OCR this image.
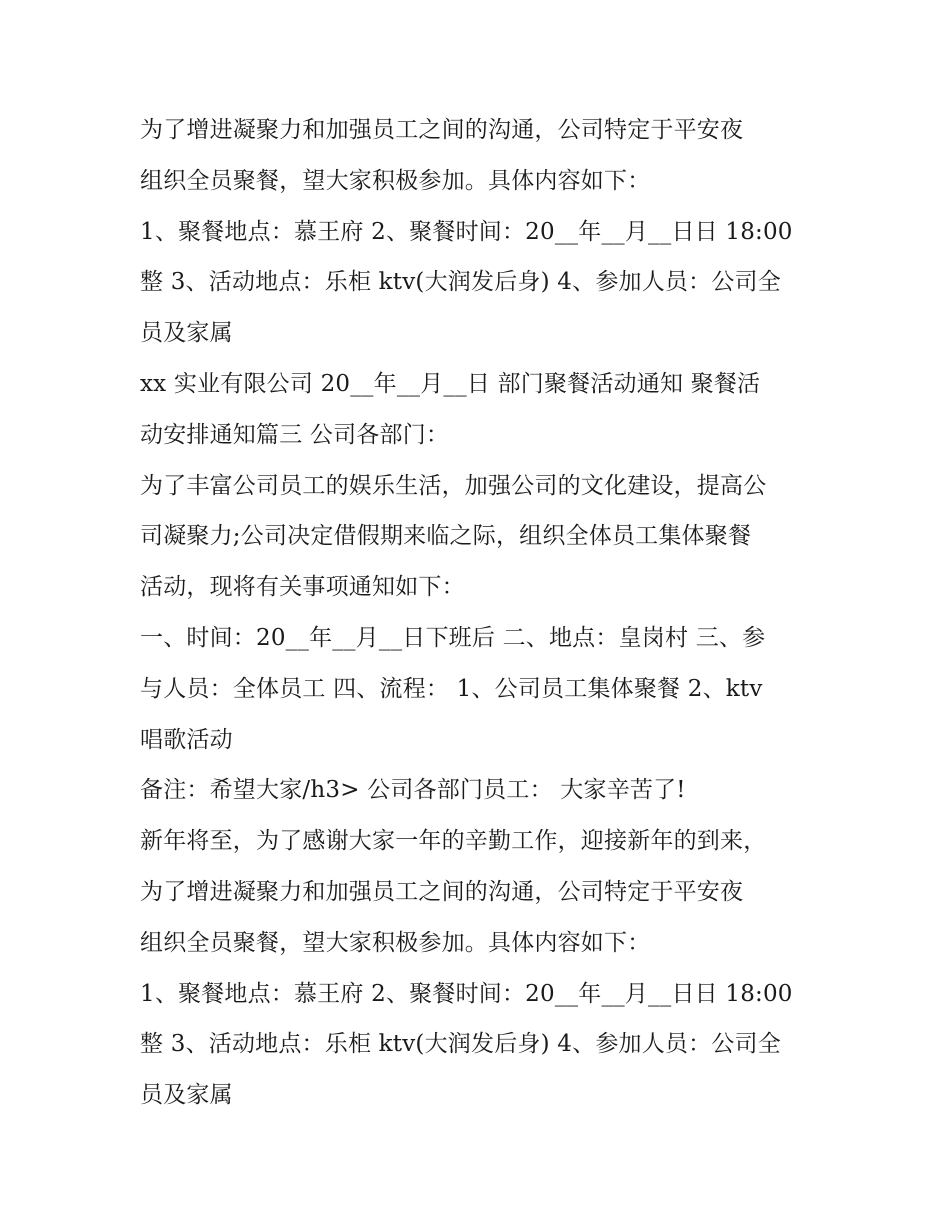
为了增进凝聚力和加强员工之间的沟通，公司特定于平安夜
组织全员聚餐，望大家积极参加。具体内容如下：
1、聚餐地点：慕王府 2、聚餐时间：20__年__月__日日 18:00
整 3、活动地点：乐柜 ktv(大润发后身) 4、参加人员：公司全
员及家属
xx 实业有限公司 20__年__月__日 部门聚餐活动通知 聚餐活
动安排通知篇三 公司各部门：
为了丰富公司员工的娱乐生活，加强公司的文化建设，提高公
司凝聚力;公司决定借假期来临之际，组织全体员工集体聚餐
活动，现将有关事项通知如下：
一、时间：20__年__月__日下班后 二、地点：皇岗村 三、参
与人员：全体员工 四、流程： 1、公司员工集体聚餐 2、ktv
唱歌活动
备注：希望大家/h3> 公司各部门员工： 大家辛苦了!
新年将至，为了感谢大家一年的辛勤工作，迎接新年的到来，
为了增进凝聚力和加强员工之间的沟通，公司特定于平安夜
组织全员聚餐，望大家积极参加。具体内容如下：
1、聚餐地点：慕王府 2、聚餐时间：20__年__月__日日 18:00
整 3、活动地点：乐柜 ktv(大润发后身) 4、参加人员：公司全
员及家属
